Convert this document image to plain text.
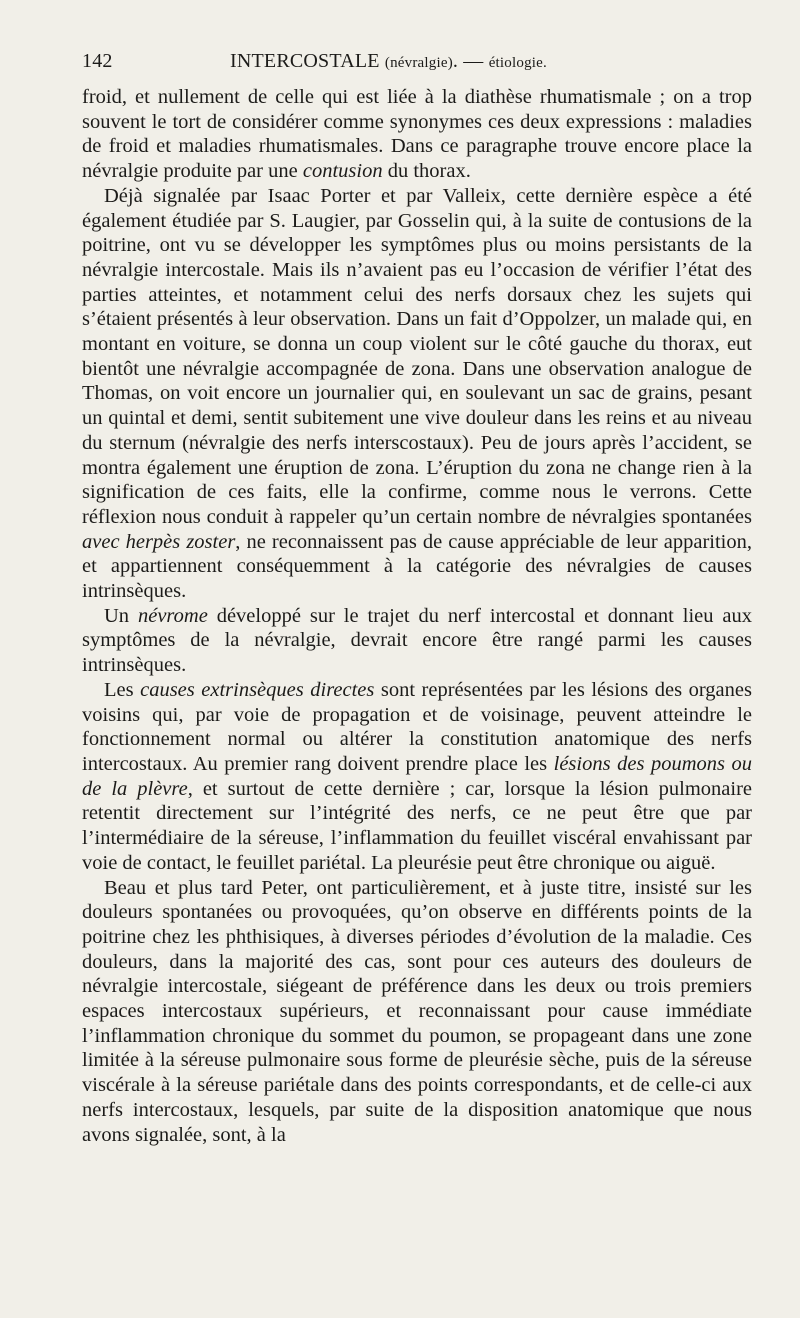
142	INTERCOSTALE (névralgie). — étiologie.

froid, et nullement de celle qui est liée à la diathèse rhumatismale ; on a trop souvent le tort de considérer comme synonymes ces deux expressions : maladies de froid et maladies rhumatismales. Dans ce paragraphe trouve encore place la névralgie produite par une contusion du thorax.

Déjà signalée par Isaac Porter et par Valleix, cette dernière espèce a été également étudiée par S. Laugier, par Gosselin qui, à la suite de contusions de la poitrine, ont vu se développer les symptômes plus ou moins persistants de la névralgie intercostale. Mais ils n’avaient pas eu l’occasion de vérifier l’état des parties atteintes, et notamment celui des nerfs dorsaux chez les sujets qui s’étaient présentés à leur observation. Dans un fait d’Oppolzer, un malade qui, en montant en voiture, se donna un coup violent sur le côté gauche du thorax, eut bientôt une névralgie accompagnée de zona. Dans une observation analogue de Thomas, on voit encore un journalier qui, en soulevant un sac de grains, pesant un quintal et demi, sentit subitement une vive douleur dans les reins et au niveau du sternum (névralgie des nerfs interscostaux). Peu de jours après l’accident, se montra également une éruption de zona. L’éruption du zona ne change rien à la signification de ces faits, elle la confirme, comme nous le verrons. Cette réflexion nous conduit à rappeler qu’un certain nombre de névralgies spontanées avec herpès zoster, ne reconnaissent pas de cause appréciable de leur apparition, et appartiennent conséquemment à la catégorie des névralgies de causes intrinsèques.

Un névrome développé sur le trajet du nerf intercostal et donnant lieu aux symptômes de la névralgie, devrait encore être rangé parmi les causes intrinsèques.

Les causes extrinsèques directes sont représentées par les lésions des organes voisins qui, par voie de propagation et de voisinage, peuvent atteindre le fonctionnement normal ou altérer la constitution anatomique des nerfs intercostaux. Au premier rang doivent prendre place les lésions des poumons ou de la plèvre, et surtout de cette dernière ; car, lorsque la lésion pulmonaire retentit directement sur l’intégrité des nerfs, ce ne peut être que par l’intermédiaire de la séreuse, l’inflammation du feuillet viscéral envahissant par voie de contact, le feuillet pariétal. La pleurésie peut être chronique ou aiguë.

Beau et plus tard Peter, ont particulièrement, et à juste titre, insisté sur les douleurs spontanées ou provoquées, qu’on observe en différents points de la poitrine chez les phthisiques, à diverses périodes d’évolution de la maladie. Ces douleurs, dans la majorité des cas, sont pour ces auteurs des douleurs de névralgie intercostale, siégeant de préférence dans les deux ou trois premiers espaces intercostaux supérieurs, et reconnaissant pour cause immédiate l’inflammation chronique du sommet du poumon, se propageant dans une zone limitée à la séreuse pulmonaire sous forme de pleurésie sèche, puis de la séreuse viscérale à la séreuse pariétale dans des points correspondants, et de celle-ci aux nerfs intercostaux, lesquels, par suite de la disposition anatomique que nous avons signalée, sont, à la
